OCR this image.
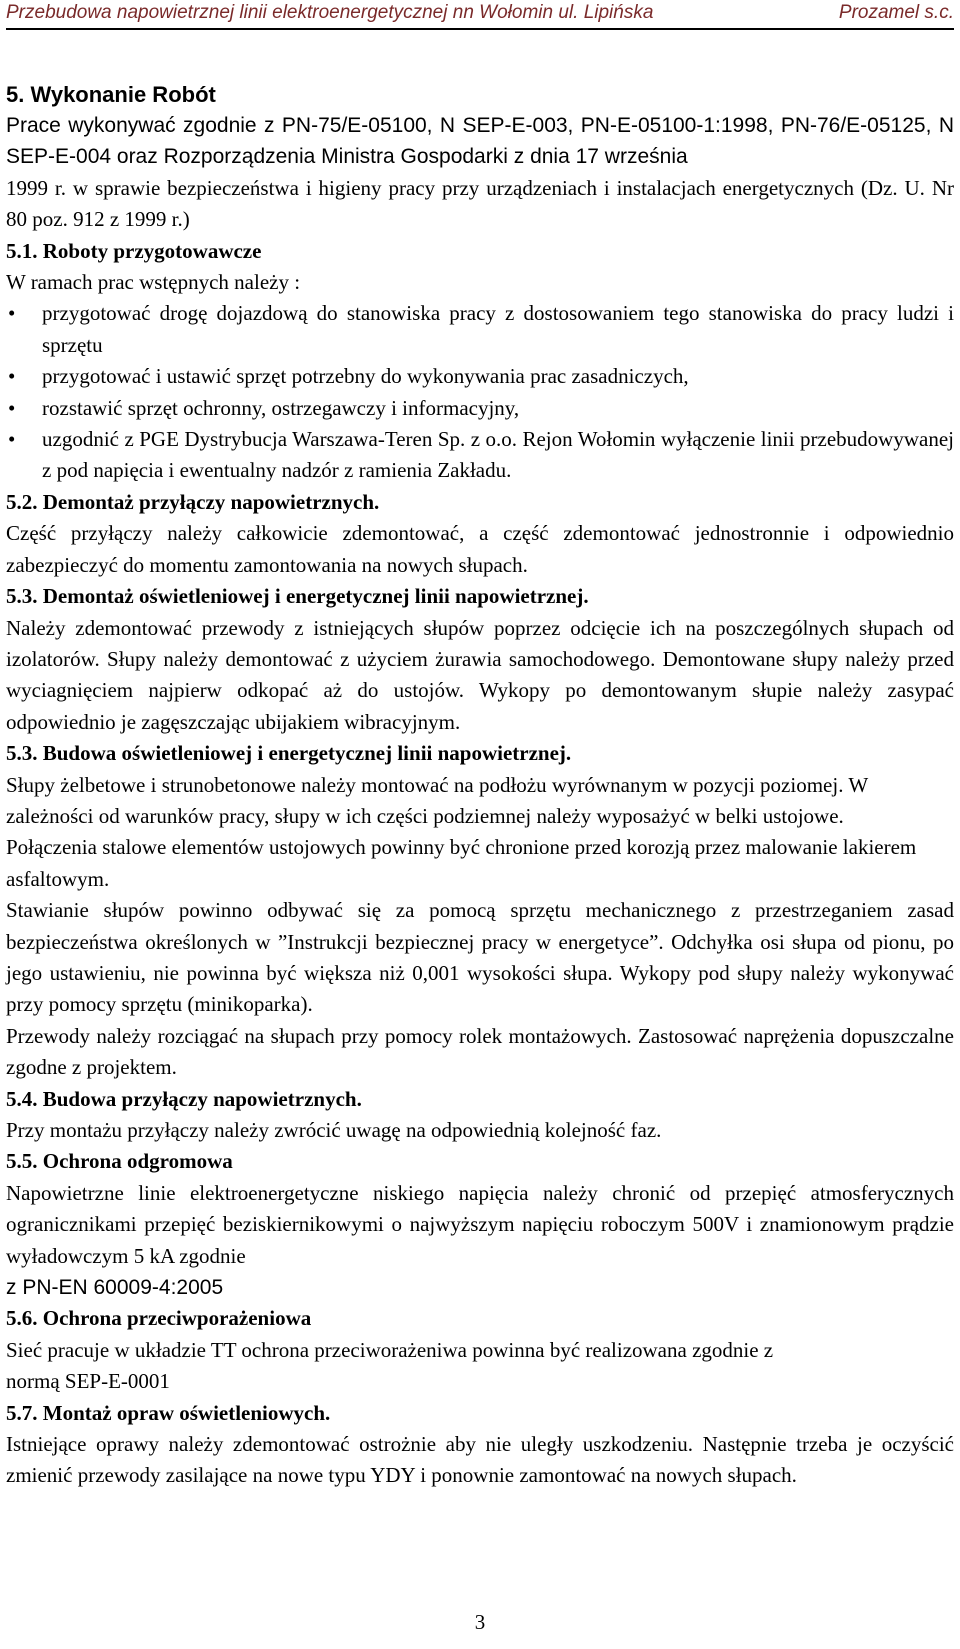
Przebudowa napowietrznej linii elektroenergetycznej nn Wołomin ul. Lipińska	Prozamel s.c.

5. Wykonanie Robót

Prace wykonywać zgodnie z PN-75/E-05100, N SEP-E-003, PN-E-05100-1:1998, PN-76/E-05125, N SEP-E-004 oraz Rozporządzenia Ministra Gospodarki z dnia 17 września

1999 r. w sprawie bezpieczeństwa i higieny pracy przy urządzeniach i instalacjach energetycznych (Dz. U. Nr 80 poz. 912 z 1999 r.)

5.1. Roboty przygotowawcze

W ramach prac wstępnych należy :

• przygotować drogę dojazdową do stanowiska pracy z dostosowaniem tego stanowiska do pracy ludzi i sprzętu
• przygotować i ustawić sprzęt potrzebny do wykonywania prac zasadniczych,
• rozstawić sprzęt ochronny, ostrzegawczy i informacyjny,
• uzgodnić z PGE Dystrybucja Warszawa-Teren Sp. z o.o. Rejon Wołomin wyłączenie linii przebudowywanej z pod napięcia i ewentualny nadzór z ramienia Zakładu.

5.2. Demontaż przyłączy napowietrznych.

Część przyłączy należy całkowicie zdemontować, a część zdemontować jednostronnie i odpowiednio zabezpieczyć do momentu zamontowania na nowych słupach.

5.3. Demontaż oświetleniowej i energetycznej linii napowietrznej.

Należy zdemontować przewody z istniejących słupów poprzez odcięcie ich na poszczególnych słupach od izolatorów. Słupy należy demontować z użyciem żurawia samochodowego. Demontowane słupy należy przed wyciagnięciem najpierw odkopać aż do ustojów. Wykopy po demontowanym słupie należy zasypać odpowiednio je zagęszczając ubijakiem wibracyjnym.

5.3. Budowa oświetleniowej i energetycznej linii napowietrznej.

Słupy żelbetowe i strunobetonowe należy montować na podłożu wyrównanym w pozycji poziomej. W zależności od warunków pracy, słupy w ich części podziemnej należy wyposażyć w belki ustojowe.

Połączenia stalowe elementów ustojowych powinny być chronione przed korozją przez malowanie lakierem asfaltowym.

Stawianie słupów powinno odbywać się za pomocą sprzętu mechanicznego z przestrzeganiem zasad bezpieczeństwa określonych w ”Instrukcji bezpiecznej pracy w energetyce”. Odchyłka osi słupa od pionu, po jego ustawieniu, nie powinna być większa niż 0,001 wysokości słupa. Wykopy pod słupy należy wykonywać przy pomocy sprzętu (minikoparka).

Przewody należy rozciągać na słupach przy pomocy rolek montażowych. Zastosować naprężenia dopuszczalne zgodne z projektem.

5.4. Budowa przyłączy napowietrznych.

Przy montażu przyłączy należy zwrócić uwagę na odpowiednią kolejność faz.

5.5. Ochrona odgromowa

Napowietrzne linie elektroenergetyczne niskiego napięcia należy chronić od przepięć atmosferycznych ogranicznikami przepięć beziskiernikowymi o najwyższym napięciu roboczym 500V i znamionowym prądzie wyładowczym 5 kA zgodnie

z PN-EN 60009-4:2005

5.6. Ochrona przeciwporażeniowa

Sieć pracuje w układzie TT ochrona przeciworażeniwa powinna być realizowana zgodnie z

normą SEP-E-0001

5.7. Montaż opraw oświetleniowych.

Istniejące oprawy należy zdemontować ostrożnie aby nie uległy uszkodzeniu. Następnie trzeba je oczyścić zmienić przewody zasilające na nowe typu YDY i ponownie zamontować na nowych słupach.

3
